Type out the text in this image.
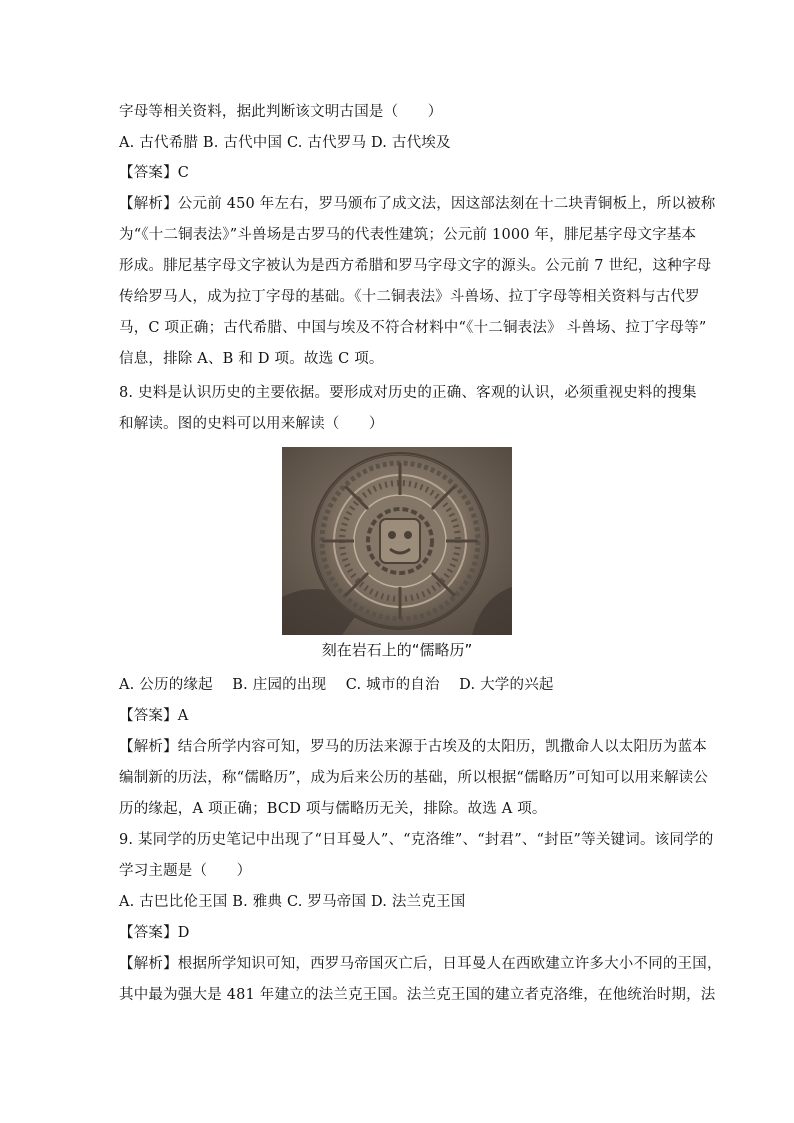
字母等相关资料，据此判断该文明古国是（　　）
A. 古代希腊 B. 古代中国 C. 古代罗马 D. 古代埃及
【答案】C
【解析】公元前 450 年左右，罗马颁布了成文法，因这部法刻在十二块青铜板上，所以被称
为“《十二铜表法》”斗兽场是古罗马的代表性建筑；公元前 1000 年，腓尼基字母文字基本
形成。腓尼基字母文字被认为是西方希腊和罗马字母文字的源头。公元前 7 世纪，这种字母
传给罗马人，成为拉丁字母的基础。《十二铜表法》斗兽场、拉丁字母等相关资料与古代罗
马，C 项正确；古代希腊、中国与埃及不符合材料中“《十二铜表法》 斗兽场、拉丁字母等”
信息，排除 A、B 和 D 项。故选 C 项。
8. 史料是认识历史的主要依据。要形成对历史的正确、客观的认识，必须重视史料的搜集
和解读。图的史料可以用来解读（　　）
刻在岩石上的“儒略历”
A. 公历的缘起　 B. 庄园的出现　 C. 城市的自治　 D. 大学的兴起
【答案】A
【解析】结合所学内容可知，罗马的历法来源于古埃及的太阳历，凯撒命人以太阳历为蓝本
编制新的历法，称“儒略历”，成为后来公历的基础，所以根据“儒略历”可知可以用来解读公
历的缘起，A 项正确；BCD 项与儒略历无关，排除。故选 A 项。
9. 某同学的历史笔记中出现了“日耳曼人”、“克洛维”、“封君”、“封臣”等关键词。该同学的
学习主题是（　　）
A. 古巴比伦王国 B. 雅典 C. 罗马帝国 D. 法兰克王国
【答案】D
【解析】根据所学知识可知，西罗马帝国灭亡后，日耳曼人在西欧建立许多大小不同的王国，
其中最为强大是 481 年建立的法兰克王国。法兰克王国的建立者克洛维，在他统治时期，法
